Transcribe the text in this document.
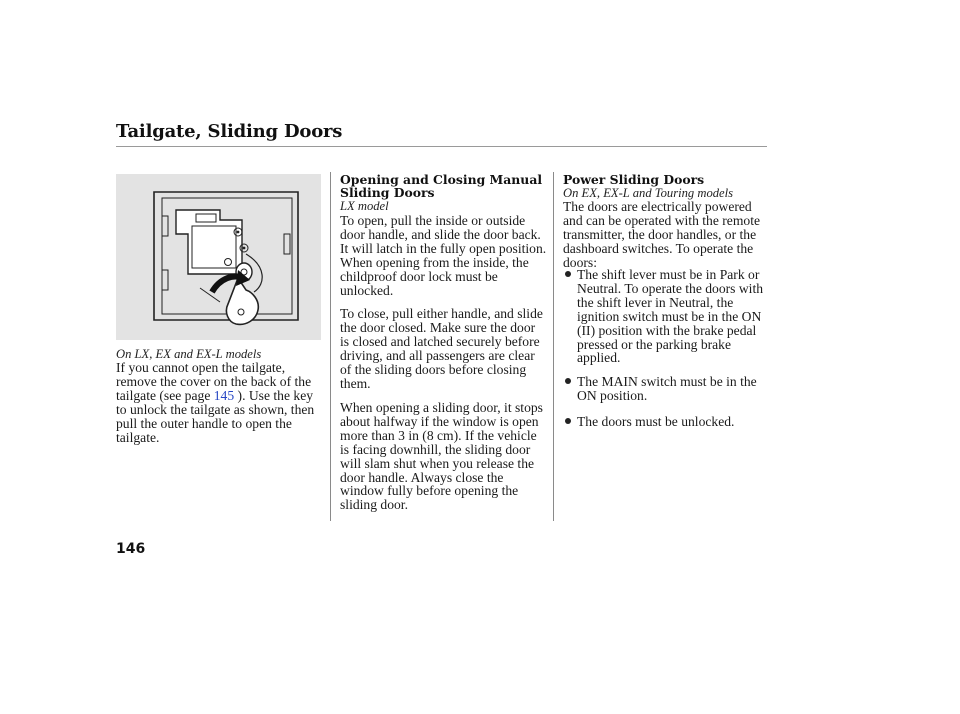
Tailgate, Sliding Doors
On LX, EX and EX-L models
If you cannot open the tailgate,
remove the cover on the back of the
tailgate (see page 145 ). Use the key
to unlock the tailgate as shown, then
pull the outer handle to open the
tailgate.
Opening and Closing Manual
Sliding Doors
LX model
To open, pull the inside or outside
door handle, and slide the door back.
It will latch in the fully open position.
When opening from the inside, the
childproof door lock must be
unlocked.
To close, pull either handle, and slide
the door closed. Make sure the door
is closed and latched securely before
driving, and all passengers are clear
of the sliding doors before closing
them.
When opening a sliding door, it stops
about halfway if the window is open
more than 3 in (8 cm). If the vehicle
is facing downhill, the sliding door
will slam shut when you release the
door handle. Always close the
window fully before opening the
sliding door.
Power Sliding Doors
On EX, EX-L and Touring models
The doors are electrically powered
and can be operated with the remote
transmitter, the door handles, or the
dashboard switches. To operate the
doors:

The shift lever must be in Park or
Neutral. To operate the doors with
the shift lever in Neutral, the
ignition switch must be in the ON
(II) position with the brake pedal
pressed or the parking brake
applied.

The MAIN switch must be in the
ON position.

The doors must be unlocked.

146
